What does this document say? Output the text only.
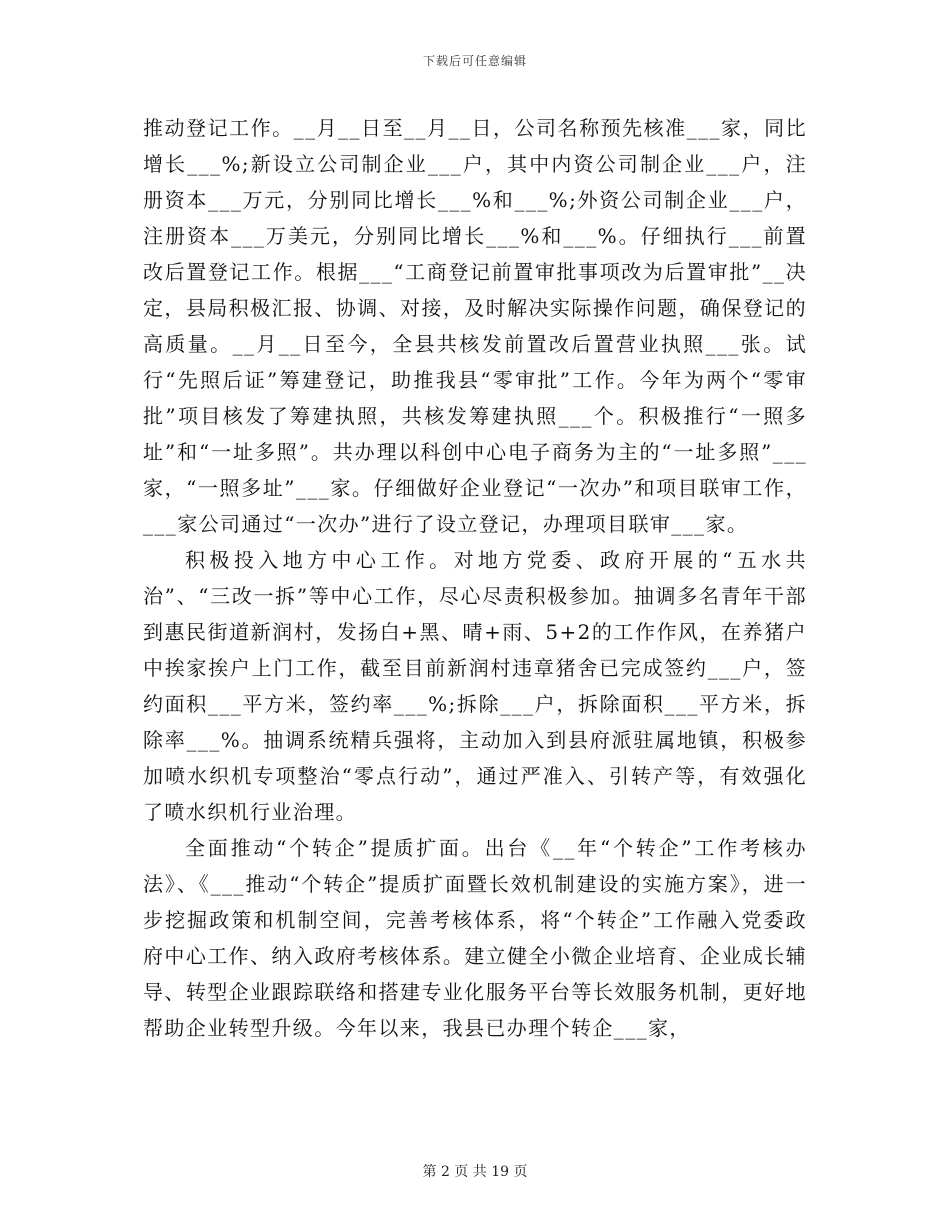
下载后可任意编辑

推动登记工作。__月__日至__月__日，公司名称预先核准___家，同比增长___%;新设立公司制企业___户，其中内资公司制企业___户，注册资本___万元，分别同比增长___%和___%;外资公司制企业___户，注册资本___万美元，分别同比增长___%和___%。仔细执行___前置改后置登记工作。根据___“工商登记前置审批事项改为后置审批”__决定，县局积极汇报、协调、对接，及时解决实际操作问题，确保登记的高质量。__月__日至今，全县共核发前置改后置营业执照___张。试行“先照后证”筹建登记，助推我县“零审批”工作。今年为两个“零审批”项目核发了筹建执照，共核发筹建执照___个。积极推行“一照多址”和“一址多照”。共办理以科创中心电子商务为主的“一址多照”___家，“一照多址”___家。仔细做好企业登记“一次办”和项目联审工作，___家公司通过“一次办”进行了设立登记，办理项目联审___家。

积极投入地方中心工作。对地方党委、政府开展的“五水共治”、“三改一拆”等中心工作，尽心尽责积极参加。抽调多名青年干部到惠民街道新润村，发扬白+黑、晴+雨、5+2的工作作风，在养猪户中挨家挨户上门工作，截至目前新润村违章猪舍已完成签约___户，签约面积___平方米，签约率___%;拆除___户，拆除面积___平方米，拆除率___%。抽调系统精兵强将，主动加入到县府派驻属地镇，积极参加喷水织机专项整治“零点行动”，通过严准入、引转产等，有效强化了喷水织机行业治理。

全面推动“个转企”提质扩面。出台《__年“个转企”工作考核办法》、《___推动“个转企”提质扩面暨长效机制建设的实施方案》，进一步挖掘政策和机制空间，完善考核体系，将“个转企”工作融入党委政府中心工作、纳入政府考核体系。建立健全小微企业培育、企业成长辅导、转型企业跟踪联络和搭建专业化服务平台等长效服务机制，更好地帮助企业转型升级。今年以来，我县已办理个转企___家，

第 2 页 共 19 页
